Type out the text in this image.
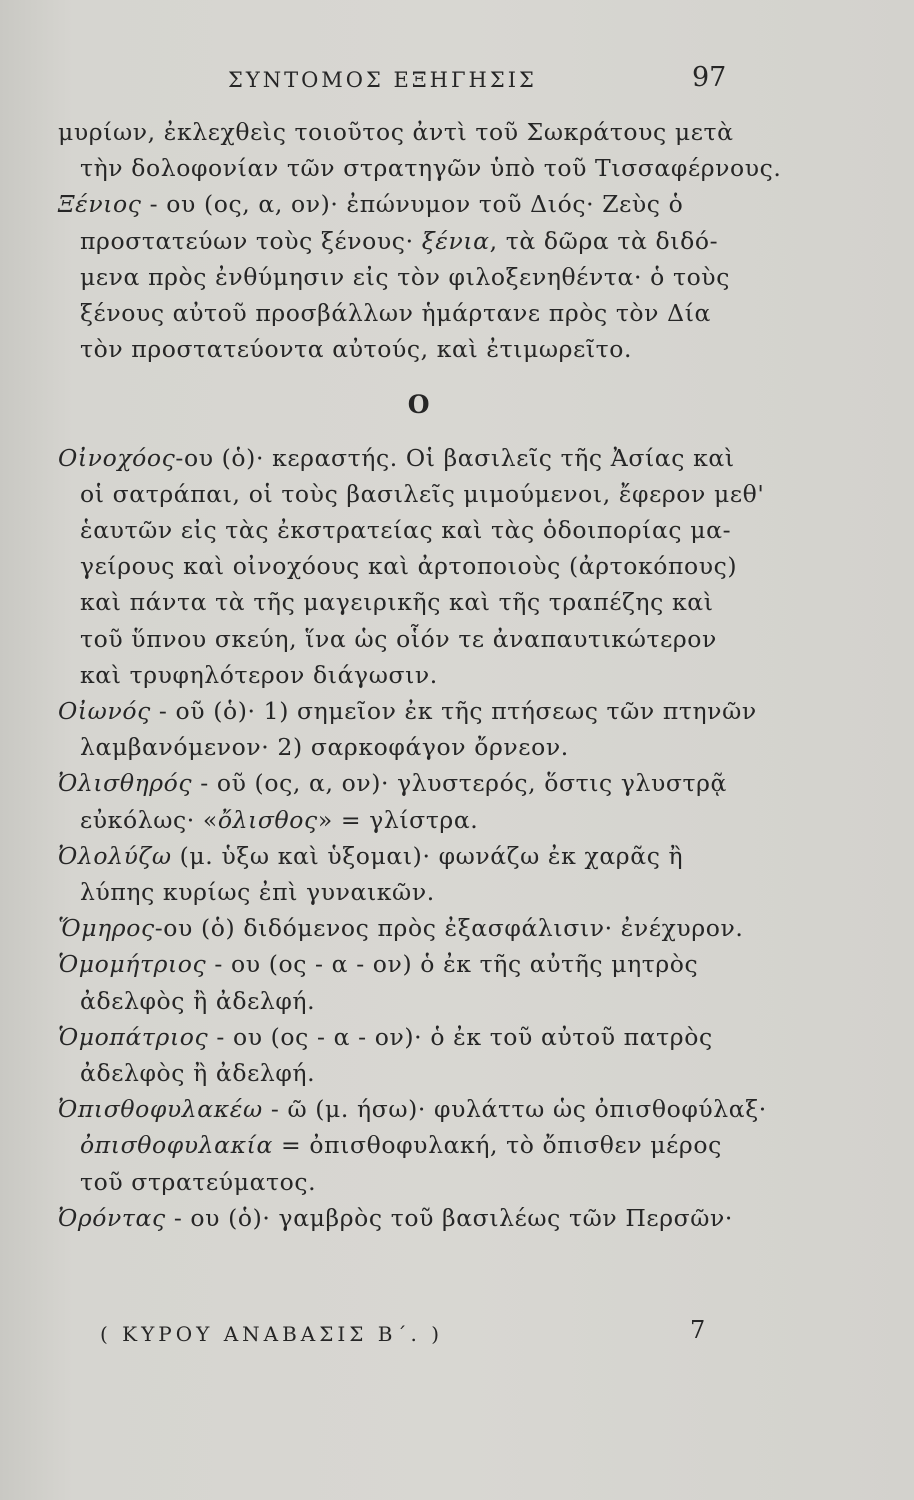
ΣΥΝΤΟΜΟΣ ΕΞΗΓΗΣΙΣ	97
μυρίων, ἐκλεχθεὶς τοιοῦτος ἀντὶ τοῦ Σωκράτους μετὰ
τὴν δολοφονίαν τῶν στρατηγῶν ὑπὸ τοῦ Τισσαφέρνους.
Ξένιος - ου (ος, α, ον)· ἐπώνυμον τοῦ Διός· Ζεὺς ὁ
προστατεύων τοὺς ξένους· ξένια, τὰ δῶρα τὰ διδό-
μενα πρὸς ἐνθύμησιν εἰς τὸν φιλοξενηθέντα· ὁ τοὺς
ξένους αὐτοῦ προσβάλλων ἡμάρτανε πρὸς τὸν Δία
τὸν προστατεύοντα αὐτούς, καὶ ἐτιμωρεῖτο.
Ο
Οἰνοχόος-ου (ὁ)· κεραστής. Οἱ βασιλεῖς τῆς Ἀσίας καὶ
οἱ σατράπαι, οἱ τοὺς βασιλεῖς μιμούμενοι, ἔφερον μεθ'
ἑαυτῶν εἰς τὰς ἐκστρατείας καὶ τὰς ὁδοιπορίας μα-
γείρους καὶ οἰνοχόους καὶ ἀρτοποιοὺς (ἀρτοκόπους)
καὶ πάντα τὰ τῆς μαγειρικῆς καὶ τῆς τραπέζης καὶ
τοῦ ὕπνου σκεύη, ἵνα ὡς οἷόν τε ἀναπαυτικώτερον
καὶ τρυφηλότερον διάγωσιν.
Οἰωνός - οῦ (ὁ)· 1) σημεῖον ἐκ τῆς πτήσεως τῶν πτηνῶν
λαμβανόμενον· 2) σαρκοφάγον ὄρνεον.
Ὀλισθηρός - οῦ (ος, α, ον)· γλυστερός, ὅστις γλυστρᾷ
εὐκόλως· «ὄλισθος» = γλίστρα.
Ὀλολύζω (μ. ὑξω καὶ ὑξομαι)· φωνάζω ἐκ χαρᾶς ἢ
λύπης κυρίως ἐπὶ γυναικῶν.
Ὅμηρος-ου (ὁ) διδόμενος πρὸς ἐξασφάλισιν· ἐνέχυρον.
Ὁμομήτριος - ου (ος - α - ον) ὁ ἐκ τῆς αὐτῆς μητρὸς
ἀδελφὸς ἢ ἀδελφή.
Ὁμοπάτριος - ου (ος - α - ον)· ὁ ἐκ τοῦ αὐτοῦ πατρὸς
ἀδελφὸς ἢ ἀδελφή.
Ὀπισθοφυλακέω - ῶ (μ. ήσω)· φυλάττω ὡς ὀπισθοφύλαξ·
ὀπισθοφυλακία = ὀπισθοφυλακή, τὸ ὄπισθεν μέρος
τοῦ στρατεύματος.
Ὀρόντας - ου (ὁ)· γαμβρὸς τοῦ βασιλέως τῶν Περσῶν·
( ΚΥΡΟΥ ΑΝΑΒΑΣΙΣ Β΄. )	7
